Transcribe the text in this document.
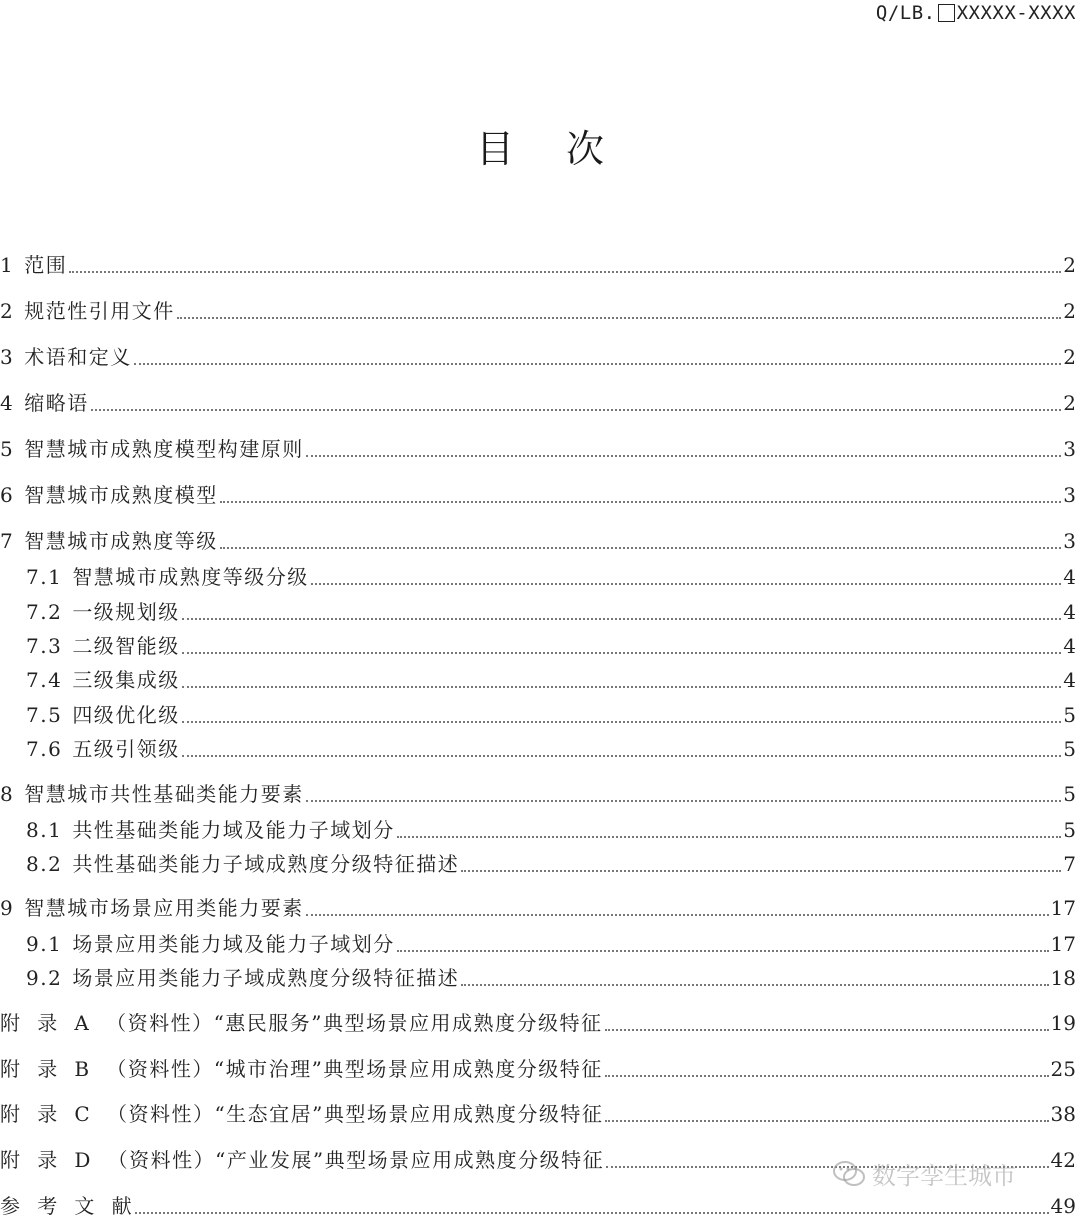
Q/LB. XXXXX-XXXX
目次
1 范围	2
2 规范性引用文件	2
3 术语和定义	2
4 缩略语	2
5 智慧城市成熟度模型构建原则	3
6 智慧城市成熟度模型	3
7 智慧城市成熟度等级	3
7.1 智慧城市成熟度等级分级	4
7.2 一级规划级	4
7.3 二级智能级	4
7.4 三级集成级	4
7.5 四级优化级	5
7.6 五级引领级	5
8 智慧城市共性基础类能力要素	5
8.1 共性基础类能力域及能力子域划分	5
8.2 共性基础类能力子域成熟度分级特征描述	7
9 智慧城市场景应用类能力要素	17
9.1 场景应用类能力域及能力子域划分	17
9.2 场景应用类能力子域成熟度分级特征描述	18
附  录  A  （资料性）“惠民服务”典型场景应用成熟度分级特征	19
附  录  B  （资料性）“城市治理”典型场景应用成熟度分级特征	25
附  录  C  （资料性）“生态宜居”典型场景应用成熟度分级特征	38
附  录  D  （资料性）“产业发展”典型场景应用成熟度分级特征	42
参  考  文  献	49
数字孪生城市
